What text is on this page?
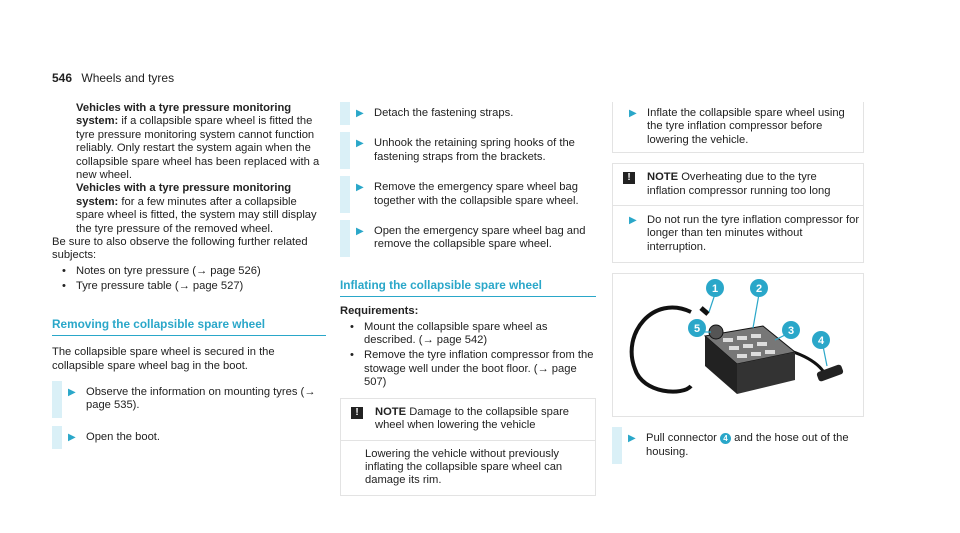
546 Wheels and tyres

Vehicles with a tyre pressure monitoring system: if a collapsible spare wheel is fitted the tyre pressure monitoring system cannot function reliably. Only restart the system again when the collapsible spare wheel has been replaced with a new wheel.

Vehicles with a tyre pressure monitoring system: for a few minutes after a collapsible spare wheel is fitted, the system may still display the tyre pressure of the removed wheel.

Be sure to also observe the following further related subjects:

• Notes on tyre pressure (→ page 526)
• Tyre pressure table (→ page 527)
Removing the collapsible spare wheel

The collapsible spare wheel is secured in the collapsible spare wheel bag in the boot.

▶ Observe the information on mounting tyres (→ page 535).
▶ Open the boot.
▶ Detach the fastening straps.
▶ Unhook the retaining spring hooks of the fastening straps from the brackets.
▶ Remove the emergency spare wheel bag together with the collapsible spare wheel.
▶ Open the emergency spare wheel bag and remove the collapsible spare wheel.
Inflating the collapsible spare wheel

Requirements:

• Mount the collapsible spare wheel as described. (→ page 542)
• Remove the tyre inflation compressor from the stowage well under the boot floor. (→ page 507)
!	NOTE Damage to the collapsible spare wheel when lowering the vehicle
Lowering the vehicle without previously inflating the collapsible spare wheel can damage its rim.
▶ Inflate the collapsible spare wheel using the tyre inflation compressor before lowering the vehicle.
!	NOTE Overheating due to the tyre inflation compressor running too long
▶ Do not run the tyre inflation compressor for longer than ten minutes without interruption.
1	2
3
4
5
▶ Pull connector 4 and the hose out of the housing.
